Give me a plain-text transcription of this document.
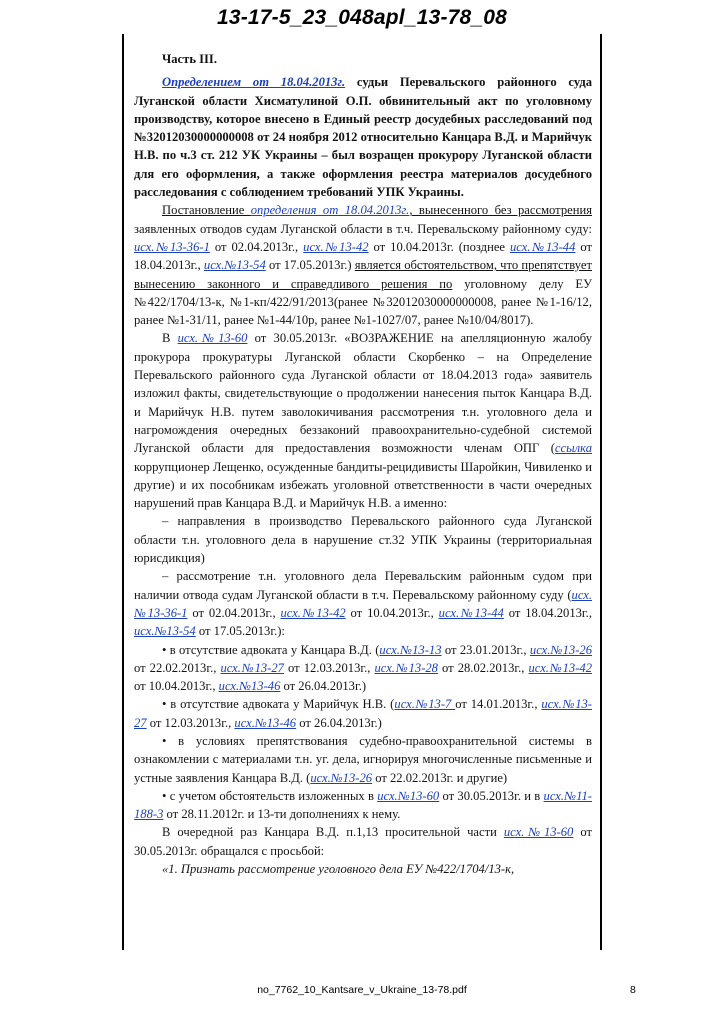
13-17-5_23_048apl_13-78_08

Часть III.

Определением от 18.04.2013г. судьи Перевальского районного суда Луганской области Хисматулиной О.П. обвинительный акт по уголовному производству, которое внесено в Единый реестр досудебных расследований под №32012030000000008 от 24 ноября 2012 относительно Канцара В.Д. и Марийчук Н.В. по ч.3 ст. 212 УК Украины – был возращен прокурору Луганской области для его оформления, а также оформления реестра материалов досудебного расследования с соблюдением требований УПК Украины.

Постановление определения от 18.04.2013г., вынесенного без рассмотрения заявленных отводов судам Луганской области в т.ч. Перевальскому районному суду: исх.№13-36-1 от 02.04.2013г., исх.№13-42 от 10.04.2013г. (позднее исх.№13-44 от 18.04.2013г., исх.№13-54 от 17.05.2013г.) является обстоятельством, что препятствует вынесению законного и справедливого решения по уголовному делу ЕУ №422/1704/13-к, №1-кп/422/91/2013(ранее №32012030000000008, ранее №1-16/12, ранее №1-31/11, ранее №1-44/10р, ранее №1-1027/07, ранее №10/04/8017).

В исх.№13-60 от 30.05.2013г. «ВОЗРАЖЕНИЕ на апелляционную жалобу прокурора прокуратуры Луганской области Скорбенко – на Определение Перевальского районного суда Луганской области от 18.04.2013 года» заявитель изложил факты, свидетельствующие о продолжении нанесения пыток Канцара В.Д. и Марийчук Н.В. путем заволокичивания рассмотрения т.н. уголовного дела и нагромождения очередных беззаконий правоохранительно-судебной системой Луганской области для предоставления возможности членам ОПГ (ссылка коррупционер Лещенко, осужденные бандиты-рецидивисты Шаройкин, Чивиленко и другие) и их пособникам избежать уголовной ответственности в части очередных нарушений прав Канцара В.Д. и Марийчук Н.В. а именно:

– направления в производство Перевальского районного суда Луганской области т.н. уголовного дела в нарушение ст.32 УПК Украины (территориальная юрисдикция)

– рассмотрение т.н. уголовного дела Перевальским районным судом при наличии отвода судам Луганской области в т.ч. Перевальскому районному суду (исх.№13-36-1 от 02.04.2013г., исх.№13-42 от 10.04.2013г., исх.№13-44 от 18.04.2013г., исх.№13-54 от 17.05.2013г.):

• в отсутствие адвоката у Канцара В.Д. (исх.№13-13 от 23.01.2013г., исх.№13-26 от 22.02.2013г., исх.№13-27 от 12.03.2013г., исх.№13-28 от 28.02.2013г., исх.№13-42 от 10.04.2013г., исх.№13-46 от 26.04.2013г.)

• в отсутствие адвоката у Марийчук Н.В. (исх.№13-7 от 14.01.2013г., исх.№13-27 от 12.03.2013г., исх.№13-46 от 26.04.2013г.)

• в условиях препятствования судебно-правоохранительной системы в ознакомлении с материалами т.н. уг. дела, игнорируя многочисленные письменные и устные заявления Канцара В.Д. (исх.№13-26 от 22.02.2013г. и другие)

• с учетом обстоятельств изложенных в исх.№13-60 от 30.05.2013г. и в исх.№11-188-3 от 28.11.2012г. и 13-ти дополнениях к нему.

В очередной раз Канцара В.Д. п.1,13 просительной части исх.№13-60 от 30.05.2013г. обращался с просьбой:

«1. Признать рассмотрение уголовного дела ЕУ №422/1704/13-к,

no_7762_10_Kantsare_v_Ukraine_13-78.pdf	8
